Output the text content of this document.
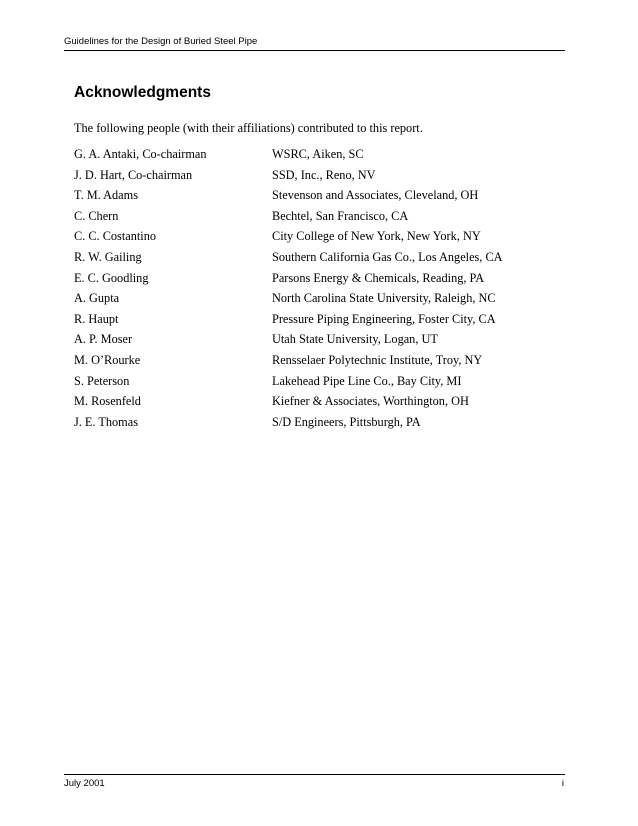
Guidelines for the Design of Buried Steel Pipe
Acknowledgments

The following people (with their affiliations) contributed to this report.

G. A. Antaki, Co-chairman	WSRC, Aiken, SC
J. D. Hart, Co-chairman	SSD, Inc., Reno, NV
T. M. Adams	Stevenson and Associates, Cleveland, OH
C. Chern	Bechtel, San Francisco, CA
C. C. Costantino	City College of New York, New York, NY
R. W. Gailing	Southern California Gas Co., Los Angeles, CA
E. C. Goodling	Parsons Energy & Chemicals, Reading, PA
A. Gupta	North Carolina State University, Raleigh, NC
R. Haupt	Pressure Piping Engineering, Foster City, CA
A. P. Moser	Utah State University, Logan, UT
M. O’Rourke	Rensselaer Polytechnic Institute, Troy, NY
S. Peterson	Lakehead Pipe Line Co., Bay City, MI
M. Rosenfeld	Kiefner & Associates, Worthington, OH
J. E. Thomas	S/D Engineers, Pittsburgh, PA
July 2001	i
